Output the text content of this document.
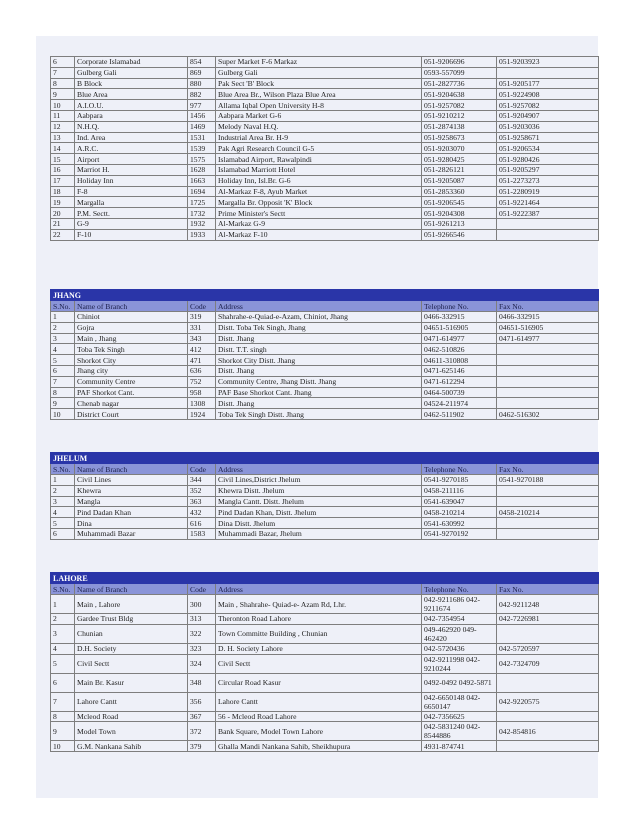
6	Corporate Islamabad	854	Super Market F-6 Markaz	051-9206696	051-9203923
7	Gulberg Gali	869	Gulberg Gali	0593-557099	
8	B Block	880	Pak Sect 'B' Block	051-2827736	051-9205177
9	Blue Area	882	Blue Area Br., Wilson Plaza Blue Area	051-9204638	051-9224908
10	A.I.O.U.	977	Allama Iqbal Open University H-8	051-9257082	051-9257082
11	Aabpara	1456	Aabpara Market G-6	051-9210212	051-9204907
12	N.H.Q.	1469	Melody Naval H.Q.	051-2874138	051-9203036
13	Ind. Area	1531	Industrial Area Br. H-9	051-9258673	051-9258671
14	A.R.C.	1539	Pak Agri Research Council G-5	051-9203070	051-9206534
15	Airport	1575	Islamabad Airport, Rawalpindi	051-9280425	051-9280426
16	Marriot H.	1628	Islamabad Marriott Hotel	051-2826121	051-9205297
17	Holiday Inn	1663	Holiday Inn, Isl.Br. G-6	051-9205087	051-2273273
18	F-8	1694	Al-Markaz F-8, Ayub Market	051-2853360	051-2280919
19	Margalla	1725	Margalla Br. Opposit 'K' Block	051-9206545	051-9221464
20	P.M. Sectt.	1732	Prime Minister's Sectt	051-9204308	051-9222387
21	G-9	1932	Al-Markaz G-9	051-9261213	
22	F-10	1933	Al-Markaz F-10	051-9266546	
JHANG					
S.No.	Name of Branch	Code	Address	Telephone No.	Fax No.
1	Chiniot	319	Shahrahe-e-Quiad-e-Azam, Chiniot, Jhang	0466-332915	0466-332915
2	Gojra	331	Distt. Toba Tek Singh, Jhang	04651-516905	04651-516905
3	Main , Jhang	343	Distt. Jhang	0471-614977	0471-614977
4	Toba Tek Singh	412	Distt. T.T. singh	0462-510826	
5	Shorkot City	471	Shorkot City Distt. Jhang	04611-310808	
6	Jhang city	636	Distt. Jhang	0471-625146	
7	Community Centre	752	Community Centre, Jhang Distt. Jhang	0471-612294	
8	PAF Shorkot Cant.	958	PAF Base Shorkot Cant. Jhang	0464-500739	
9	Chenab nagar	1308	Distt. Jhang	04524-211974	
10	District Court	1924	Toba Tek Singh Distt. Jhang	0462-511902	0462-516302
JHELUM					
S.No.	Name of Branch	Code	Address	Telephone No.	Fax No.
1	Civil Lines	344	Civil Lines,District Jhelum	0541-9270185	0541-9270188
2	Khewra	352	Khewra Distt. Jhelum	0458-211116	
3	Mangla	363	Mangla Cantt. Distt. Jhelum	0541-639047	
4	Pind Dadan Khan	432	Pind Dadan Khan, Distt. Jhelum	0458-210214	0458-210214
5	Dina	616	Dina Distt. Jhelum	0541-630992	
6	Muhammadi Bazar	1583	Muhammadi Bazar, Jhelum	0541-9270192	
LAHORE					
S.No.	Name of Branch	Code	Address	Telephone No.	Fax No.
1	Main , Lahore	300	Main , Shahrahe- Quiad-e- Azam Rd, Lhr.	042-9211686 042-9211674	042-9211248
2	Gardee Trust Bldg	313	Theronton Road Lahore	042-7354954	042-7226981
3	Chunian	322	Town Committe Building , Chunian	049-462920 049-462420	
4	D.H. Society	323	D. H. Society Lahore	042-5720436	042-5720597
5	Civil Sectt	324	Civil Sectt	042-9211998 042-9210244	042-7324709
6	Main Br. Kasur	348	Circular Road Kasur	0492-0492 0492-5871	
7	Lahore Cantt	356	Lahore Cantt	042-6650148 042-6650147	042-9220575
8	Mcleod Road	367	56 - Mcleod Road Lahore	042-7356625	
9	Model Town	372	Bank Square, Model Town Lahore	042-5831240 042-8544886	042-854816
10	G.M. Nankana Sahib	379	Ghalla Mandi Nankana Sahib, Sheikhupura	4931-874741	
